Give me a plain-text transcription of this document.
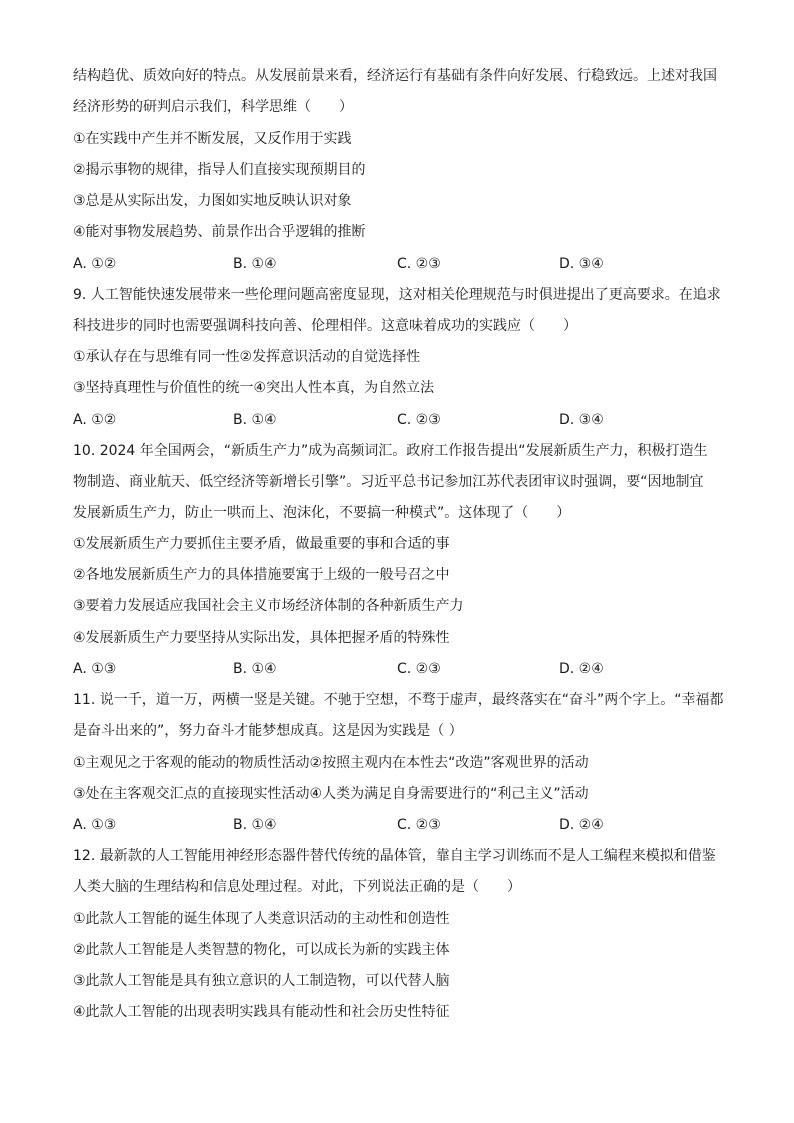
结构趋优、质效向好的特点。从发展前景来看，经济运行有基础有条件向好发展、行稳致远。上述对我国
经济形势的研判启示我们，科学思维（　　）
①在实践中产生并不断发展，又反作用于实践
②揭示事物的规律，指导人们直接实现预期目的
③总是从实际出发，力图如实地反映认识对象
④能对事物发展趋势、前景作出合乎逻辑的推断
A. ①②	B. ①④	C. ②③	D. ③④
9. 人工智能快速发展带来一些伦理问题高密度显现，这对相关伦理规范与时俱进提出了更高要求。在追求
科技进步的同时也需要强调科技向善、伦理相伴。这意味着成功的实践应（　　）
①承认存在与思维有同一性②发挥意识活动的自觉选择性
③坚持真理性与价值性的统一④突出人性本真，为自然立法
A. ①②	B. ①④	C. ②③	D. ③④
10. 2024 年全国两会，“新质生产力”成为高频词汇。政府工作报告提出“发展新质生产力，积极打造生
物制造、商业航天、低空经济等新增长引擎”。习近平总书记参加江苏代表团审议时强调，要“因地制宜
发展新质生产力，防止一哄而上、泡沫化，不要搞一种模式”。这体现了（　　）
①发展新质生产力要抓住主要矛盾，做最重要的事和合适的事
②各地发展新质生产力的具体措施要寓于上级的一般号召之中
③要着力发展适应我国社会主义市场经济体制的各种新质生产力
④发展新质生产力要坚持从实际出发，具体把握矛盾的特殊性
A. ①③	B. ①④	C. ②③	D. ②④
11. 说一千，道一万，两横一竖是关键。不驰于空想，不骛于虚声，最终落实在“奋斗”两个字上。“幸福都
是奋斗出来的”，努力奋斗才能梦想成真。这是因为实践是（ ）
①主观见之于客观的能动的物质性活动②按照主观内在本性去“改造”客观世界的活动
③处在主客观交汇点的直接现实性活动④人类为满足自身需要进行的“利己主义”活动
A. ①③	B. ①④	C. ②③	D. ②④
12. 最新款的人工智能用神经形态器件替代传统的晶体管，靠自主学习训练而不是人工编程来模拟和借鉴
人类大脑的生理结构和信息处理过程。对此，下列说法正确的是（　　）
①此款人工智能的诞生体现了人类意识活动的主动性和创造性
②此款人工智能是人类智慧的物化，可以成长为新的实践主体
③此款人工智能是具有独立意识的人工制造物，可以代替人脑
④此款人工智能的出现表明实践具有能动性和社会历史性特征
